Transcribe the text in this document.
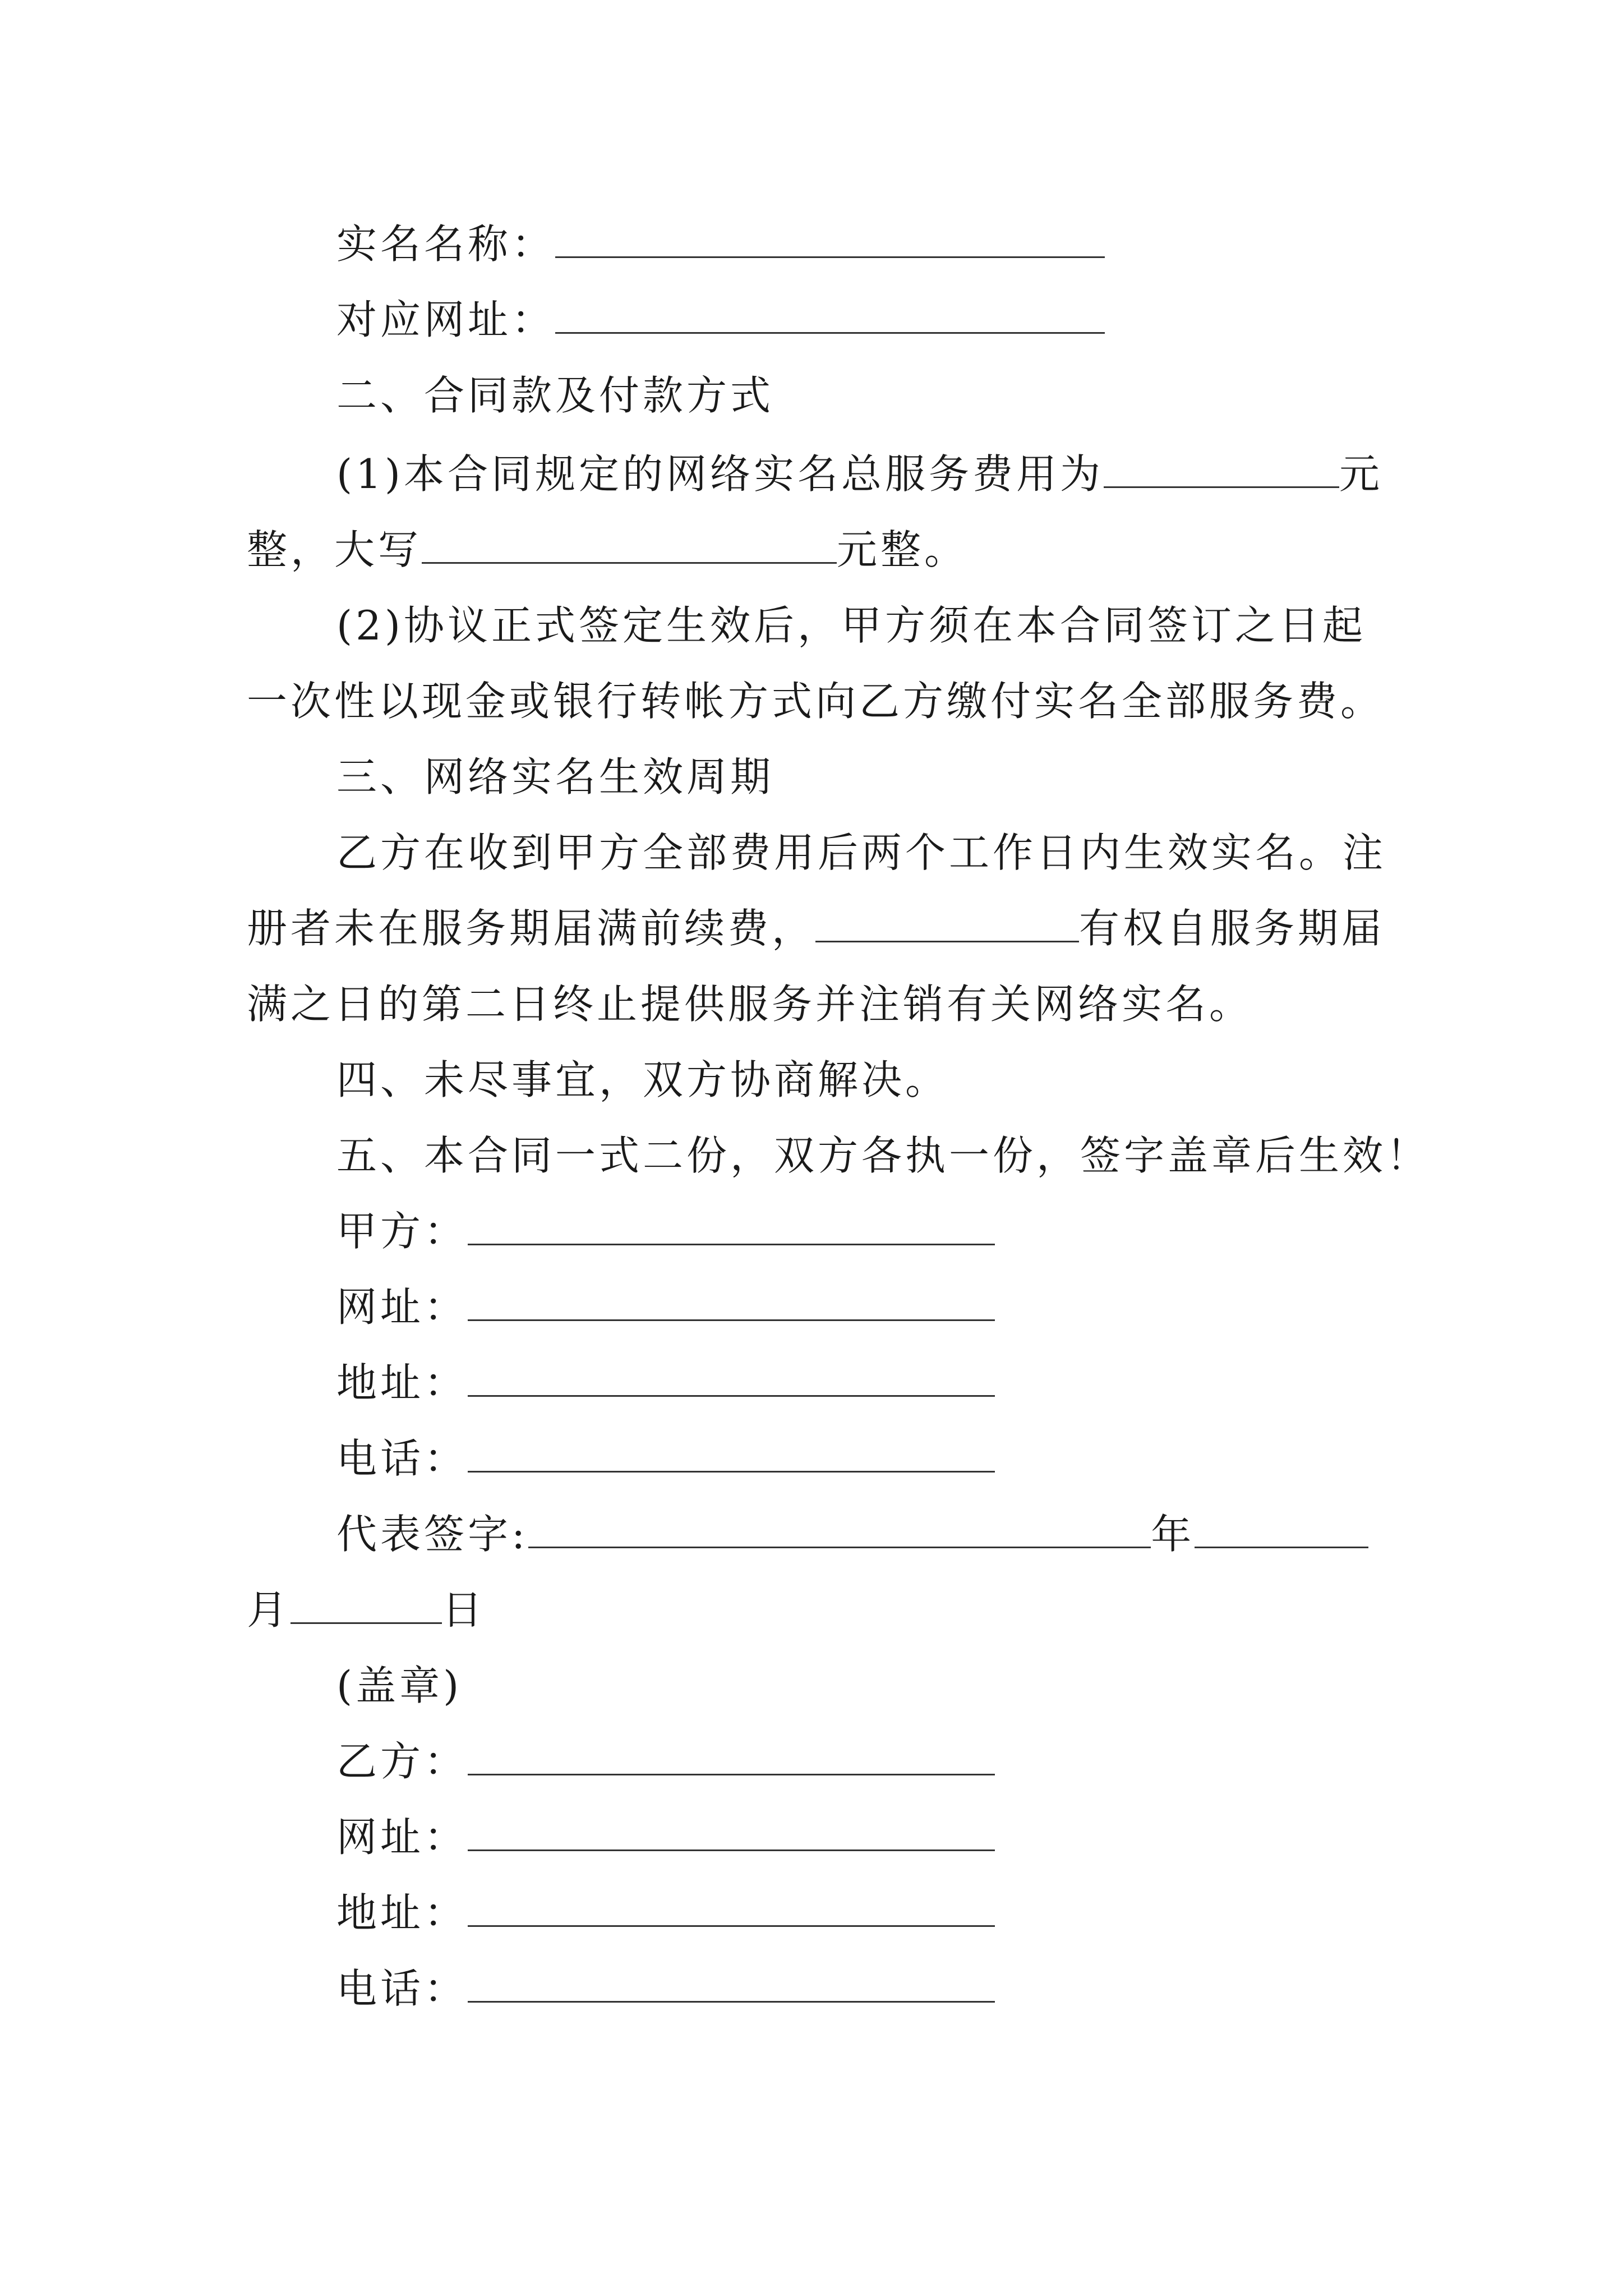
实名名称：
对应网址：
二、合同款及付款方式
(1)本合同规定的网络实名总服务费用为	元
整，大写	元整。
(2)协议正式签定生效后，甲方须在本合同签订之日起
一次性以现金或银行转帐方式向乙方缴付实名全部服务费。
三、网络实名生效周期
乙方在收到甲方全部费用后两个工作日内生效实名。注
册者未在服务期届满前续费，	有权自服务期届
满之日的第二日终止提供服务并注销有关网络实名。
四、未尽事宜，双方协商解决。
五、本合同一式二份，双方各执一份，签字盖章后生效！
甲方：
网址：
地址：
电话：
代表签字:	年
月	日
(盖章)
乙方：
网址：
地址：
电话：
